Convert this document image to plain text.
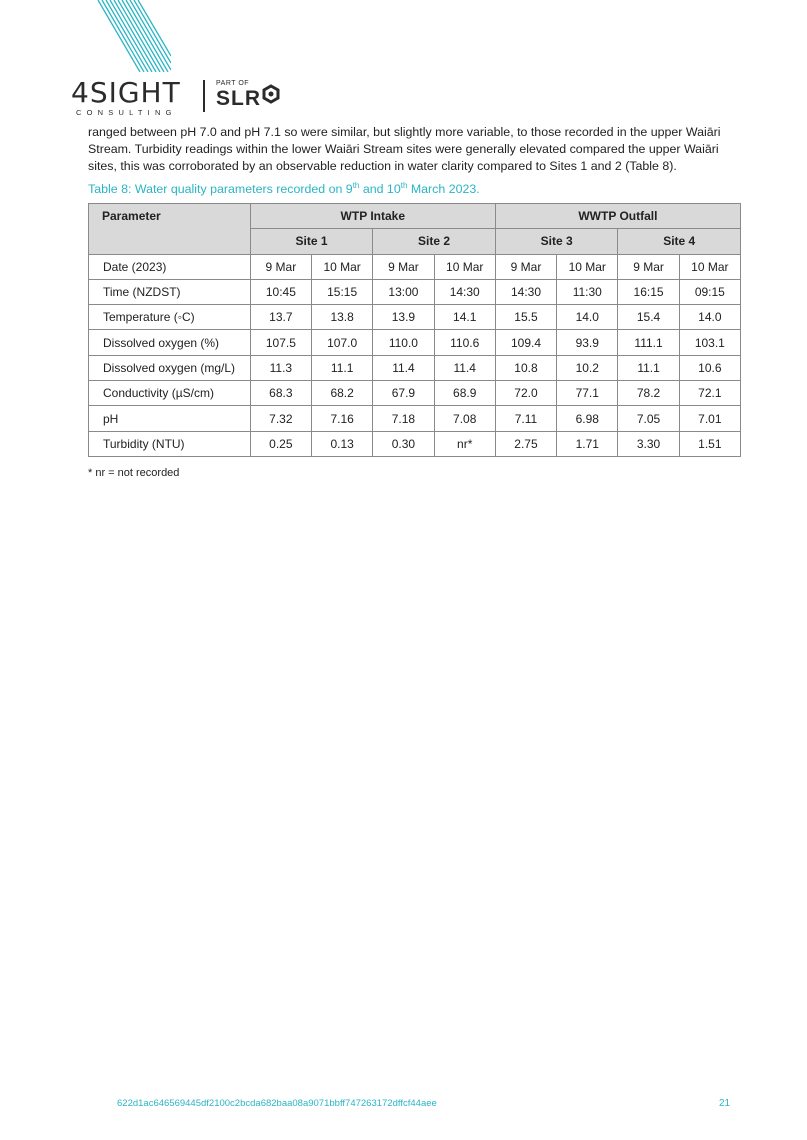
4SIGHT
CONSULTING
PART OF
SLR
ranged between pH 7.0 and pH 7.1 so were similar, but slightly more variable, to those recorded in the upper Waiāri Stream. Turbidity readings within the lower Waiāri Stream sites were generally elevated compared the upper Waiāri sites, this was corroborated by an observable reduction in water clarity compared to Sites 1 and 2 (Table 8).
Table 8: Water quality parameters recorded on 9th and 10th March 2023.
Parameter	WTP Intake				WWTP Outfall			
	Site 1		Site 2		Site 3		Site 4	
Date (2023)	9 Mar	10 Mar	9 Mar	10 Mar	9 Mar	10 Mar	9 Mar	10 Mar
Time (NZDST)	10:45	15:15	13:00	14:30	14:30	11:30	16:15	09:15
Temperature (◦C)	13.7	13.8	13.9	14.1	15.5	14.0	15.4	14.0
Dissolved oxygen (%)	107.5	107.0	110.0	110.6	109.4	93.9	111.1	103.1
Dissolved oxygen (mg/L)	11.3	11.1	11.4	11.4	10.8	10.2	11.1	10.6
Conductivity (µS/cm)	68.3	68.2	67.9	68.9	72.0	77.1	78.2	72.1
pH	7.32	7.16	7.18	7.08	7.11	6.98	7.05	7.01
Turbidity (NTU)	0.25	0.13	0.30	nr*	2.75	1.71	3.30	1.51
* nr = not recorded
622d1ac646569445df2100c2bcda682baa08a9071bbff747263172dffcf44aee	21
